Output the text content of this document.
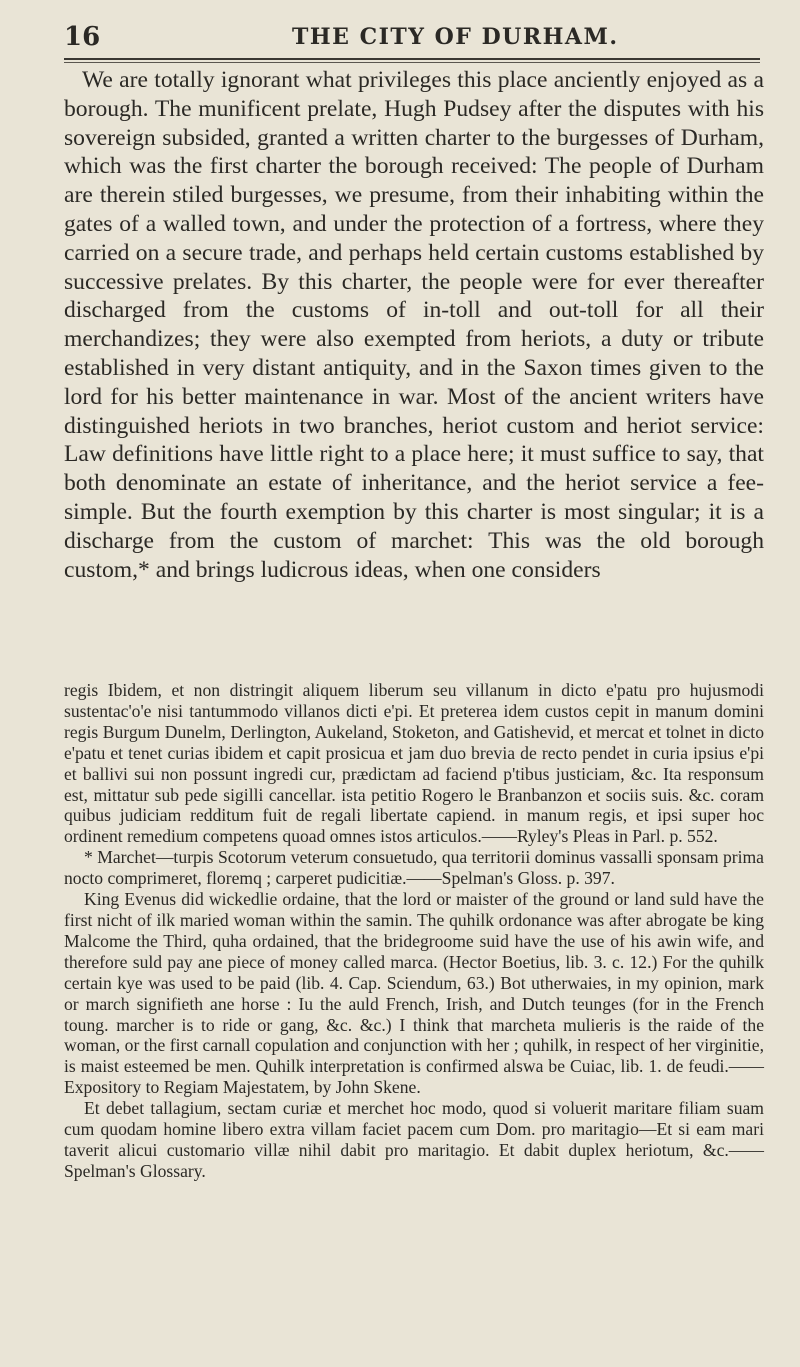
16	THE CITY OF DURHAM.

We are totally ignorant what privileges this place anciently enjoyed as a borough. The munificent prelate, Hugh Pudsey after the disputes with his sovereign subsided, granted a written charter to the burgesses of Durham, which was the first charter the borough received: The people of Durham are therein stiled burgesses, we presume, from their inhabiting within the gates of a walled town, and under the protection of a fortress, where they carried on a secure trade, and perhaps held certain customs established by successive prelates. By this charter, the people were for ever thereafter discharged from the customs of in-toll and out-toll for all their merchandizes; they were also exempted from heriots, a duty or tribute established in very distant antiquity, and in the Saxon times given to the lord for his better maintenance in war. Most of the ancient writers have distinguished heriots in two branches, heriot custom and heriot service: Law definitions have little right to a place here; it must suffice to say, that both denominate an estate of inheritance, and the heriot service a fee-simple. But the fourth exemption by this charter is most singular; it is a discharge from the custom of marchet: This was the old borough custom,* and brings ludicrous ideas, when one considers

regis Ibidem, et non distringit aliquem liberum seu villanum in dicto e'patu pro hujusmodi sustentac'o'e nisi tantummodo villanos dicti e'pi. Et preterea idem custos cepit in manum domini regis Burgum Dunelm, Derlington, Aukeland, Stoketon, and Gatishevid, et mercat et tolnet in dicto e'patu et tenet curias ibidem et capit prosicua et jam duo brevia de recto pendet in curia ipsius e'pi et ballivi sui non possunt ingredi cur, prædictam ad faciend p'tibus justiciam, &c. Ita responsum est, mittatur sub pede sigilli cancellar. ista petitio Rogero le Branbanzon et sociis suis. &c. coram quibus judiciam redditum fuit de regali libertate capiend. in manum regis, et ipsi super hoc ordinent remedium competens quoad omnes istos articulos.——Ryley's Pleas in Parl. p. 552.

* Marchet—turpis Scotorum veterum consuetudo, qua territorii dominus vassalli sponsam prima nocto comprimeret, floremq ; carperet pudicitiæ.——Spelman's Gloss. p. 397.

King Evenus did wickedlie ordaine, that the lord or maister of the ground or land suld have the first nicht of ilk maried woman within the samin. The quhilk ordonance was after abrogate be king Malcome the Third, quha ordained, that the bridegroome suid have the use of his awin wife, and therefore suld pay ane piece of money called marca. (Hector Boetius, lib. 3. c. 12.) For the quhilk certain kye was used to be paid (lib. 4. Cap. Sciendum, 63.) Bot utherwaies, in my opinion, mark or march signifieth ane horse : Iu the auld French, Irish, and Dutch teunges (for in the French toung. marcher is to ride or gang, &c. &c.) I think that marcheta mulieris is the raide of the woman, or the first carnall copulation and conjunction with her ; quhilk, in respect of her virginitie, is maist esteemed be men. Quhilk interpretation is confirmed alswa be Cuiac, lib. 1. de feudi.——Expository to Regiam Majestatem, by John Skene.

Et debet tallagium, sectam curiæ et merchet hoc modo, quod si voluerit maritare filiam suam cum quodam homine libero extra villam faciet pacem cum Dom. pro maritagio—Et si eam mari taverit alicui customario villæ nihil dabit pro maritagio. Et dabit duplex heriotum, &c.——Spelman's Glossary.
